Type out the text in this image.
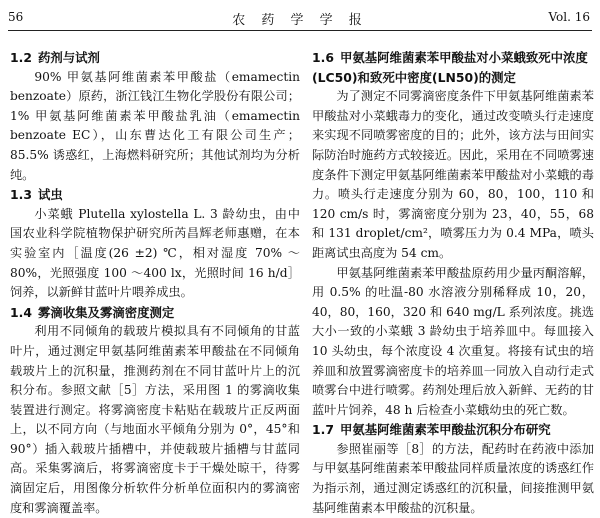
56	农 药 学 学 报	Vol. 16
1.2 药剂与试剂

90% 甲氨基阿维菌素苯甲酸盐（emamectin benzoate）原药，浙江钱江生物化学股份有限公司；1% 甲氨基阿维菌素苯甲酸盐乳油（emamectin benzoate EC），山东曹达化工有限公司生产；85.5% 诱惑红，上海燃料研究所；其他试剂均为分析纯。

1.3 试虫

小菜蛾 Plutella xylostella L. 3 龄幼虫，由中国农业科学院植物保护研究所芮昌辉老师惠赠，在本实验室内［温度(26 ±2) ℃，相对湿度 70% ～80%，光照强度 100 ～400 lx，光照时间 16 h/d］饲养，以新鲜甘蓝叶片喂养成虫。

1.4 雾滴收集及雾滴密度测定

利用不同倾角的载玻片模拟具有不同倾角的甘蓝叶片，通过测定甲氨基阿维菌素苯甲酸盐在不同倾角载玻片上的沉积量，推测药剂在不同甘蓝叶片上的沉积分布。参照文献［5］方法，采用图 1 的雾滴收集装置进行测定。将雾滴密度卡粘贴在载玻片正反两面上，以不同方向（与地面水平倾角分别为 0°，45°和 90°）插入载玻片插槽中，并使载玻片插槽与甘蓝同高。采集雾滴后，将雾滴密度卡于干燥处晾干，待雾滴固定后，用图像分析软件分析单位面积内的雾滴密度和雾滴覆盖率。

1.6 甲氨基阿维菌素苯甲酸盐对小菜蛾致死中浓度(LC50)和致死中密度(LN50)的测定

为了测定不同雾滴密度条件下甲氨基阿维菌素苯甲酸盐对小菜蛾毒力的变化，通过改变喷头行走速度来实现不同喷雾密度的目的；此外，该方法与田间实际防治时施药方式较接近。因此，采用在不同喷雾速度条件下测定甲氨基阿维菌素苯甲酸盐对小菜蛾的毒力。喷头行走速度分别为 60，80，100，110 和 120 cm/s 时，雾滴密度分别为 23，40，55，68 和 131 droplet/cm²，喷雾压力为 0.4 MPa，喷头距离试虫高度为 54 cm。

甲氨基阿维菌素苯甲酸盐原药用少量丙酮溶解，用 0.5% 的吐温-80 水溶液分别稀释成 10，20，40，80，160，320 和 640 mg/L 系列浓度。挑选大小一致的小菜蛾 3 龄幼虫于培养皿中。每皿接入 10 头幼虫，每个浓度设 4 次重复。将接有试虫的培养皿和放置雾滴密度卡的培养皿一同放入自动行走式喷雾台中进行喷雾。药剂处理后放入新鲜、无药的甘蓝叶片饲养，48 h 后检查小菜蛾幼虫的死亡数。

1.7 甲氨基阿维菌素苯甲酸盐沉积分布研究

参照崔丽等［8］的方法，配药时在药液中添加与甲氨基阿维菌素苯甲酸盐同样质量浓度的诱惑红作为指示剂，通过测定诱惑红的沉积量，间接推测甲氨基阿维菌素本甲酸盐的沉积量。
